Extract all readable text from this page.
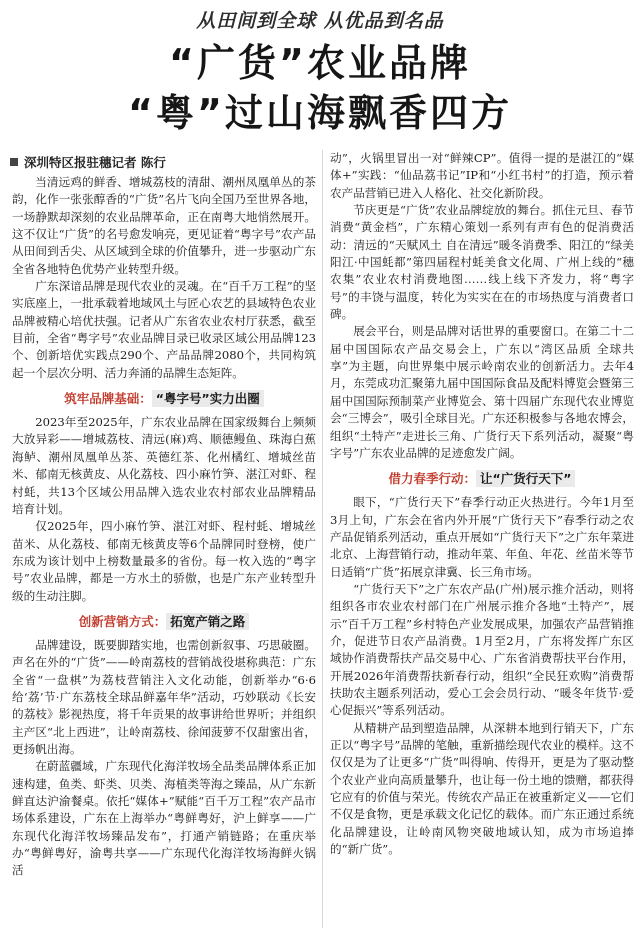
从田间到全球 从优品到名品
“广货”农业品牌
“粤”过山海飘香四方
深圳特区报驻穗记者 陈行

当清远鸡的鲜香、增城荔枝的清甜、潮州凤凰单丛的茶韵，化作一张张醇香的“广货”名片飞向全国乃至世界各地，一场静默却深刻的农业品牌革命，正在南粤大地悄然展开。这不仅让“广货”的名号愈发响亮，更见证着“粤字号”农产品从田间到舌尖、从区域到全球的价值攀升，进一步驱动广东全省各地特色优势产业转型升级。

广东深谙品牌是现代农业的灵魂。在“百千万工程”的坚实底座上，一批承载着地域风土与匠心农艺的县域特色农业品牌被精心培优扶强。记者从广东省农业农村厅获悉，截至目前，全省“粤字号”农业品牌目录已收录区域公用品牌123个、创新培优实践点290个、产品品牌2080个，共同构筑起一个层次分明、活力奔涌的品牌生态矩阵。

筑牢品牌基础： “粤字号”实力出圈

2023年至2025年，广东农业品牌在国家级舞台上频频大放异彩——增城荔枝、清远(麻)鸡、顺德鳗鱼、珠海白蕉海鲈、潮州凤凰单丛茶、英德红茶、化州橘红、增城丝苗米、郁南无核黄皮、从化荔枝、四小麻竹笋、湛江对虾、程村蚝，共13个区域公用品牌入选农业农村部农业品牌精品培育计划。

仅2025年，四小麻竹笋、湛江对虾、程村蚝、增城丝苗米、从化荔枝、郁南无核黄皮等6个品牌同时登榜，使广东成为该计划中上榜数量最多的省份。每一枚入选的“粤字号”农业品牌，都是一方水土的骄傲，也是广东产业转型升级的生动注脚。

创新营销方式： 拓宽产销之路

品牌建设，既要脚踏实地，也需创新叙事、巧思破圈。声名在外的“广货”——岭南荔枝的营销战役堪称典范：广东全省“一盘棋”为荔枝营销注入文化动能，创新举办“6·6给‘荔’节·广东荔枝全球品鲜嘉年华”活动，巧妙联动《长安的荔枝》影视热度，将千年贡果的故事讲给世界听；并组织主产区“北上西进”，让岭南荔枝、徐闻菠萝不仅甜蜜出省，更扬帆出海。

在蔚蓝疆域，广东现代化海洋牧场全品类品牌体系正加速构建，鱼类、虾类、贝类、海植类等海之臻品，从广东新鲜直达沪渝餐桌。依托“媒体+”赋能“百千万工程”农产品市场体系建设，广东在上海举办“粤鲜粤好，沪上鲜享——广东现代化海洋牧场臻品发布”，打通产销链路；在重庆举办“粤鲜粤好，渝粤共享——广东现代化海洋牧场海鲜火锅活

动”，火锅里冒出一对“鲜辣CP”。值得一提的是湛江的“媒体+”实践：“仙品荔书记”IP和“小红书村”的打造，预示着农产品营销已进入人格化、社交化新阶段。

节庆更是“广货”农业品牌绽放的舞台。抓住元旦、春节消费“黄金档”，广东精心策划一系列有声有色的促消费活动：清远的“天赋风土 自在清远”暖冬消费季、阳江的“绿美阳江·中国蚝都”第四届程村蚝美食文化周、广州上线的“穗农集”农业农村消费地图……线上线下齐发力，将“粤字号”的丰饶与温度，转化为实实在在的市场热度与消费者口碑。

展会平台，则是品牌对话世界的重要窗口。在第二十二届中国国际农产品交易会上，广东以“湾区品质 全球共享”为主题，向世界集中展示岭南农业的创新活力。去年4月，东莞成功汇聚第九届中国国际食品及配料博览会暨第三届中国国际预制菜产业博览会、第十四届广东现代农业博览会“三博会”，吸引全球目光。广东还积极参与各地农博会，组织“土特产”走进长三角、广货行天下系列活动，凝聚“粤字号”广东农业品牌的足迹愈发广阔。

借力春季行动： 让“广货行天下”

眼下，“广货行天下”春季行动正火热进行。今年1月至3月上旬，广东会在省内外开展“广货行天下”春季行动之农产品促销系列活动，重点开展如“广货行天下”之广东年菜进北京、上海营销行动，推动年菜、年鱼、年花、丝苗米等节日适销“广货”拓展京津冀、长三角市场。

“广货行天下”之广东农产品(广州)展示推介活动，则将组织各市农业农村部门在广州展示推介各地“土特产”，展示“百千万工程”乡村特色产业发展成果，加强农产品营销推介，促进节日农产品消费。1月至2月，广东将发挥广东区域协作消费帮扶产品交易中心、广东省消费帮扶平台作用，开展2026年消费帮扶新春行动，组织“全民狂欢购”消费帮扶助农主题系列活动，爱心工会会员行动、“暖冬年货节·爱心促振兴”等系列活动。

从精耕产品到塑造品牌，从深耕本地到行销天下，广东正以“粤字号”品牌的笔触，重新描绘现代农业的模样。这不仅仅是为了让更多“广货”叫得响、传得开，更是为了驱动整个农业产业向高质量攀升，也让每一份土地的馈赠，都获得它应有的价值与荣光。传统农产品正在被重新定义——它们不仅是食物，更是承载文化记忆的载体。而广东正通过系统化品牌建设，让岭南风物突破地域认知，成为市场追捧的“新广货”。
